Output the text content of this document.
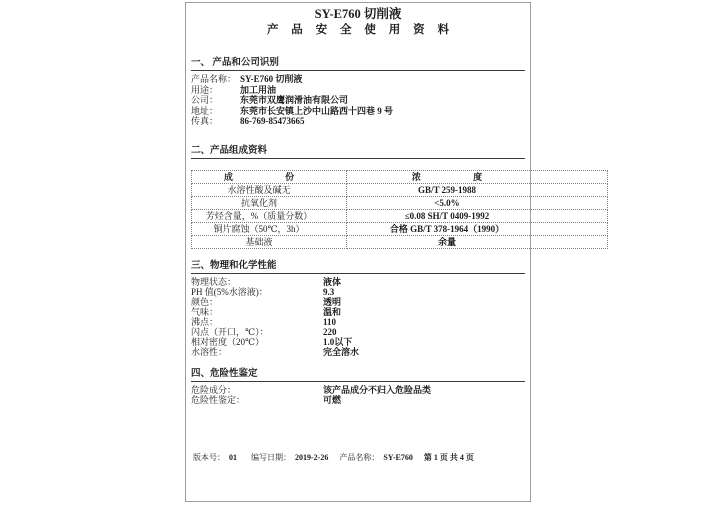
SY-E760 切削液
产 品 安 全 使 用 资 料
一、 产品和公司识别
产品名称： SY-E760 切削液
用途：	加工用油
公司：	东莞市双鹰润滑油有限公司
地址：	东莞市长安镇上沙中山路西十四巷 9 号
传真：	86-769-85473665
二、产品组成资料
成 份	浓 度
水溶性酸及碱无	GB/T 259-1988
抗氧化剂	<5.0%
芳烃含量，%（质量分数）	≤0.08 SH/T 0409-1992
铜片腐蚀（50℃，3h）	合格 GB/T 378-1964（1990）
基础液	余量
三、物理和化学性能
物理状态：	液体
PH 值(5%水溶液)：	9.3
颜色：	透明
气味：	温和
沸点：	110
闪点（开口，℃）：	220
相对密度（20℃）	1.0以下
水溶性：	完全溶水
四、危险性鉴定
危险成分：	该产品成分不归入危险品类
危险性鉴定：	可燃
版本号： 01 编写日期： 2019-2-26 产品名称： SY-E760 第 1 页 共 4 页
